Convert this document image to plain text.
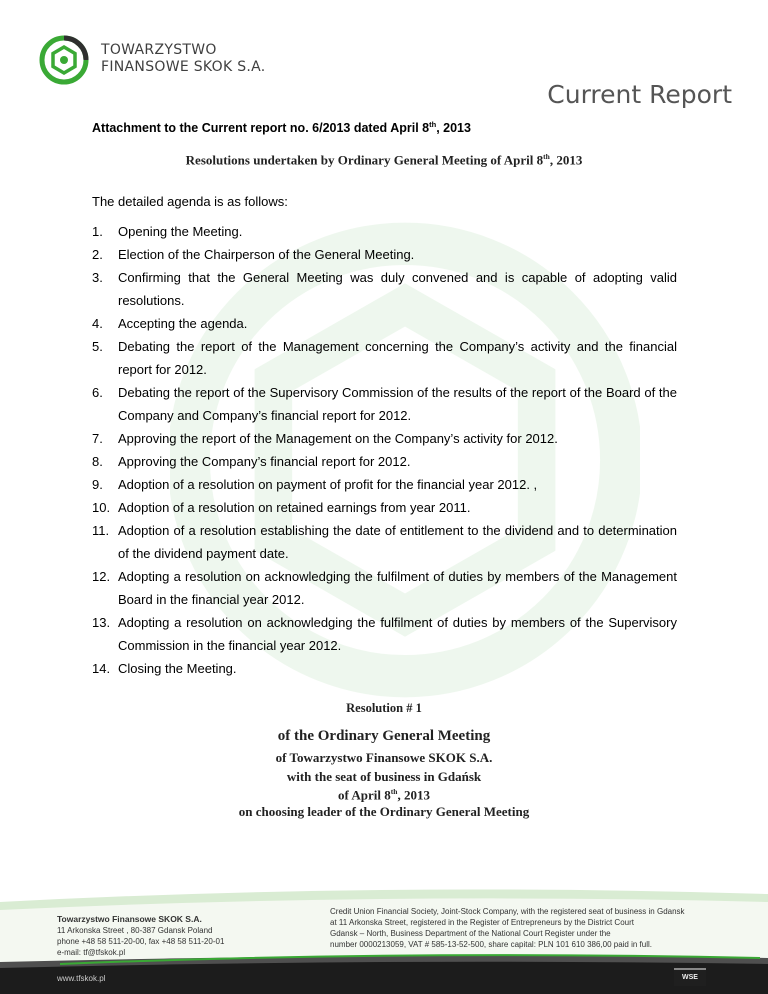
TOWARZYSTWO
FINANSOWE SKOK S.A.
Current Report
Attachment to the Current report no. 6/2013 dated April 8th, 2013
Resolutions undertaken by Ordinary General Meeting of April 8th, 2013
The detailed agenda is as follows:
1.	Opening the Meeting.
2.	Election of the Chairperson of the General Meeting.
3.	Confirming that the General Meeting was duly convened and is capable of adopting valid resolutions.
4.	Accepting the agenda.
5.	Debating the report of the Management concerning the Company’s activity and the financial report for 2012.
6.	Debating the report of the Supervisory Commission of the results of the report of the Board of the Company and Company’s financial report for 2012.
7.	Approving the report of the Management on the Company’s activity for 2012.
8.	Approving the Company’s financial report for 2012.
9.	Adoption of a resolution on payment of profit for the financial year 2012. ,
10. Adoption of a resolution on retained earnings from year 2011.
11. Adoption of a resolution establishing the date of entitlement to the dividend and to determination of the dividend payment date.
12. Adopting a resolution on acknowledging the fulfilment of duties by members of the Management Board in the financial year 2012.
13. Adopting a resolution on acknowledging the fulfilment of duties by members of the Supervisory Commission in the financial year 2012.
14. Closing the Meeting.
Resolution # 1
of the Ordinary General Meeting
of Towarzystwo Finansowe SKOK S.A.
with the seat of business in Gdańsk
of April 8th, 2013
on choosing leader of the Ordinary General Meeting
Towarzystwo Finansowe SKOK S.A.
11 Arkonska Street , 80-387 Gdansk Poland
phone +48 58 511-20-00, fax +48 58 511-20-01
e-mail: tf@tfskok.pl
Credit Union Financial Society, Joint-Stock Company, with the registered seat of business in Gdansk
at 11 Arkonska Street, registered in the Register of Entrepreneurs by the District Court
Gdansk – North, Business Department of the National Court Register under the
number 0000213059, VAT # 585-13-52-500, share capital: PLN 101 610 386,00 paid in full.
www.tfskok.pl	WSE
